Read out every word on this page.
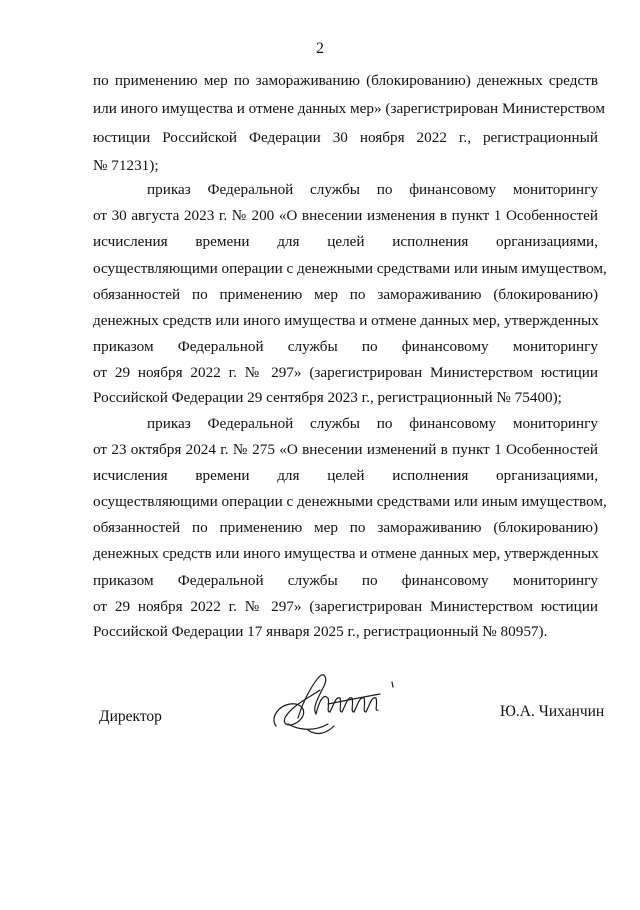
2
по применению мер по замораживанию (блокированию) денежных средств
или иного имущества и отмене данных мер» (зарегистрирован Министерством
юстиции Российской Федерации 30 ноября 2022 г., регистрационный
№ 71231);
приказ Федеральной службы по финансовому мониторингу
от 30 августа 2023 г. № 200 «О внесении изменения в пункт 1 Особенностей
исчисления времени для целей исполнения организациями,
осуществляющими операции с денежными средствами или иным имуществом,
обязанностей по применению мер по замораживанию (блокированию)
денежных средств или иного имущества и отмене данных мер, утвержденных
приказом Федеральной службы по финансовому мониторингу
от 29 ноября 2022 г. № 297» (зарегистрирован Министерством юстиции
Российской Федерации 29 сентября 2023 г., регистрационный № 75400);
приказ Федеральной службы по финансовому мониторингу
от 23 октября 2024 г. № 275 «О внесении изменений в пункт 1 Особенностей
исчисления времени для целей исполнения организациями,
осуществляющими операции с денежными средствами или иным имуществом,
обязанностей по применению мер по замораживанию (блокированию)
денежных средств или иного имущества и отмене данных мер, утвержденных
приказом Федеральной службы по финансовому мониторингу
от 29 ноября 2022 г. № 297» (зарегистрирован Министерством юстиции
Российской Федерации 17 января 2025 г., регистрационный № 80957).
Директор	Ю.А. Чиханчин
